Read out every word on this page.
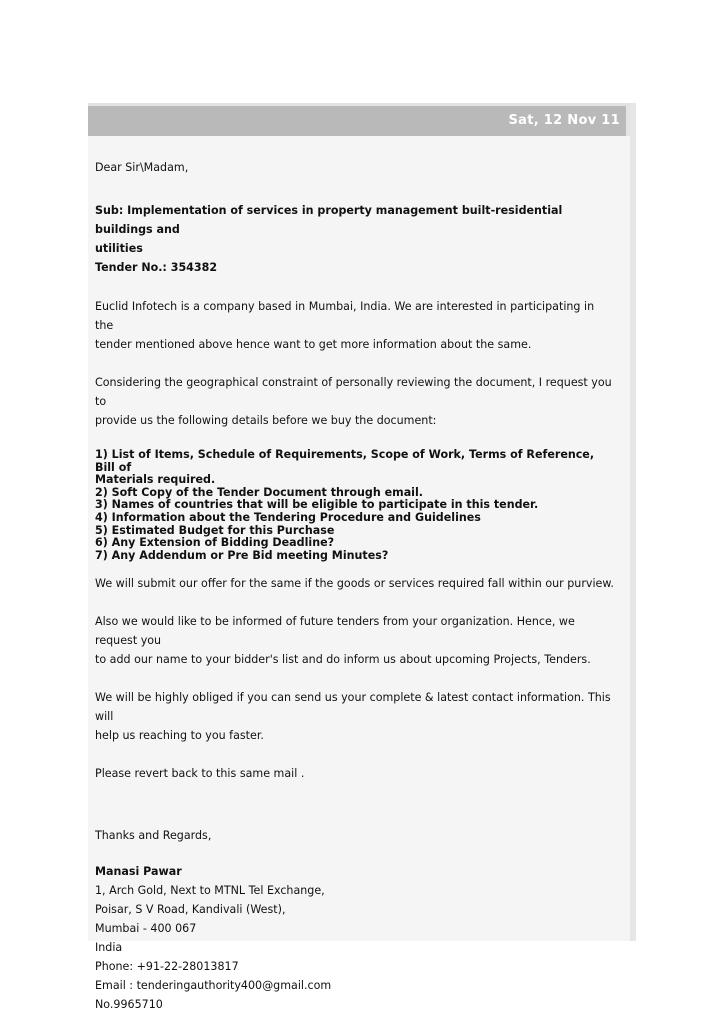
Sat, 12 Nov 11

Dear Sir\Madam,

Sub: Implementation of services in property management built-residential buildings and

utilities

Tender No.: 354382

Euclid Infotech is a company based in Mumbai, India. We are interested in participating in the

tender mentioned above hence want to get more information about the same.

Considering the geographical constraint of personally reviewing the document, I request you to

provide us the following details before we buy the document:

1) List of Items, Schedule of Requirements, Scope of Work, Terms of Reference, Bill of
Materials required.
2) Soft Copy of the Tender Document through email.
3) Names of countries that will be eligible to participate in this tender.
4) Information about the Tendering Procedure and Guidelines
5) Estimated Budget for this Purchase
6) Any Extension of Bidding Deadline?
7) Any Addendum or Pre Bid meeting Minutes?

We will submit our offer for the same if the goods or services required fall within our purview.

Also we would like to be informed of future tenders from your organization. Hence, we request you

to add our name to your bidder's list and do inform us about upcoming Projects, Tenders.

We will be highly obliged if you can send us your complete & latest contact information. This will

help us reaching to you faster.

Please revert back to this same mail .

Thanks and Regards,

Manasi Pawar

1, Arch Gold, Next to MTNL Tel Exchange,

Poisar, S V Road, Kandivali (West),

Mumbai - 400 067

India

Phone: +91-22-28013817

Email : tenderingauthority400@gmail.com

No.9965710
